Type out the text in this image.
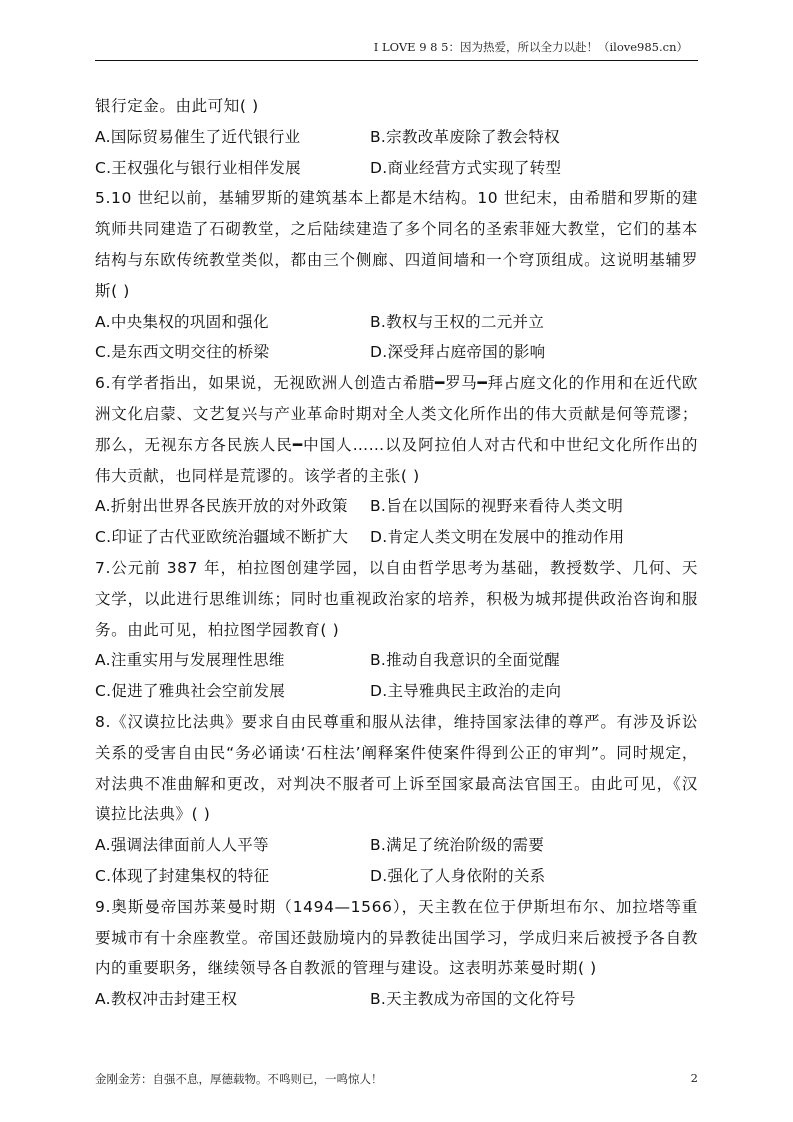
I LOVE 9 8 5：因为热爱，所以全力以赴！（ilove985.cn）

银行定金。由此可知( )

A.国际贸易催生了近代银行业	B.宗教改革废除了教会特权
C.王权强化与银行业相伴发展	D.商业经营方式实现了转型

5.10 世纪以前，基辅罗斯的建筑基本上都是木结构。10 世纪末，由希腊和罗斯的建筑师共同建造了石砌教堂，之后陆续建造了多个同名的圣索菲娅大教堂，它们的基本结构与东欧传统教堂类似，都由三个侧廊、四道间墙和一个穹顶组成。这说明基辅罗斯( )

A.中央集权的巩固和强化	B.教权与王权的二元并立
C.是东西文明交往的桥梁	D.深受拜占庭帝国的影响

6.有学者指出，如果说，无视欧洲人创造古希腊━罗马━拜占庭文化的作用和在近代欧洲文化启蒙、文艺复兴与产业革命时期对全人类文化所作出的伟大贡献是何等荒谬；那么，无视东方各民族人民━中国人……以及阿拉伯人对古代和中世纪文化所作出的伟大贡献，也同样是荒谬的。该学者的主张( )

A.折射出世界各民族开放的对外政策	B.旨在以国际的视野来看待人类文明
C.印证了古代亚欧统治疆域不断扩大	D.肯定人类文明在发展中的推动作用

7.公元前 387 年，柏拉图创建学园，以自由哲学思考为基础，教授数学、几何、天文学，以此进行思维训练；同时也重视政治家的培养，积极为城邦提供政治咨询和服务。由此可见，柏拉图学园教育( )

A.注重实用与发展理性思维	B.推动自我意识的全面觉醒
C.促进了雅典社会空前发展	D.主导雅典民主政治的走向

8.《汉谟拉比法典》要求自由民尊重和服从法律，维持国家法律的尊严。有涉及诉讼关系的受害自由民“务必诵读‘石柱法’阐释案件使案件得到公正的审判”。同时规定，对法典不准曲解和更改，对判决不服者可上诉至国家最高法官国王。由此可见，《汉谟拉比法典》( )

A.强调法律面前人人平等	B.满足了统治阶级的需要
C.体现了封建集权的特征	D.强化了人身依附的关系

9.奥斯曼帝国苏莱曼时期（1494—1566），天主教在位于伊斯坦布尔、加拉塔等重要城市有十余座教堂。帝国还鼓励境内的异教徒出国学习，学成归来后被授予各自教内的重要职务，继续领导各自教派的管理与建设。这表明苏莱曼时期( )

A.教权冲击封建王权	B.天主教成为帝国的文化符号
金刚金芳：自强不息，厚德载物。不鸣则已，一鸣惊人！	2
